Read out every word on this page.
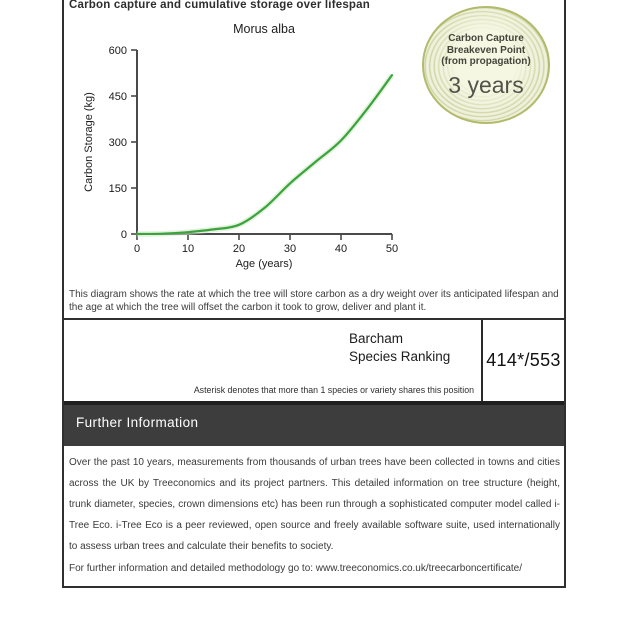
Carbon capture and cumulative storage over lifespan
Morus alba
Carbon Storage (kg)
Age (years)
0
150
300
450
600
0	10	20	30	40	50
Carbon Capture
Breakeven Point
(from propagation)
3 years
This diagram shows the rate at which the tree will store carbon as a dry weight over its anticipated lifespan and the age at which the tree will offset the carbon it took to grow, deliver and plant it.
Barcham
Species Ranking
Asterisk denotes that more than 1 species or variety shares this position
414*/553
Further Information
Over the past 10 years, measurements from thousands of urban trees have been collected in towns and cities across the UK by Treeconomics and its project partners. This detailed information on tree structure (height, trunk diameter, species, crown dimensions etc) has been run through a sophisticated computer model called i-Tree Eco. i-Tree Eco is a peer reviewed, open source and freely available software suite, used internationally to assess urban trees and calculate their benefits to society.
For further information and detailed methodology go to: www.treeconomics.co.uk/treecarboncertificate/
